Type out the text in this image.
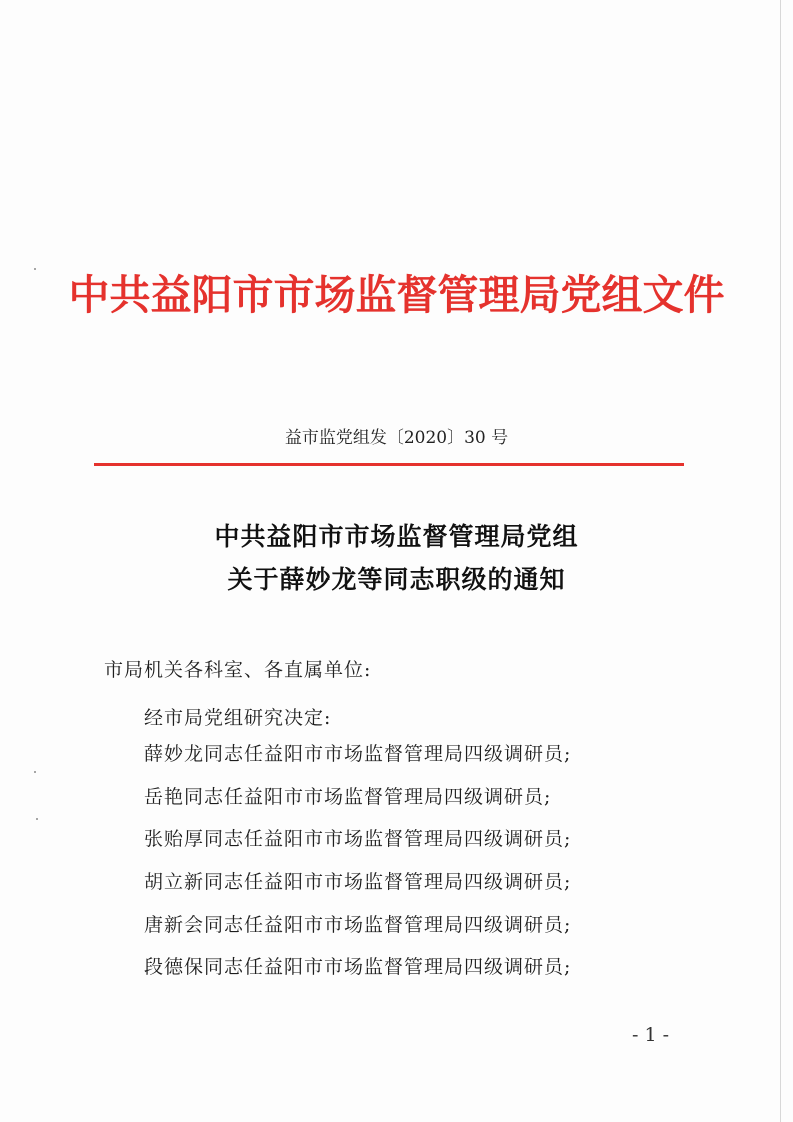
中共益阳市市场监督管理局党组文件
益市监党组发〔2020〕30 号
中共益阳市市场监督管理局党组
关于薛妙龙等同志职级的通知
市局机关各科室、各直属单位:
经市局党组研究决定:
薛妙龙同志任益阳市市场监督管理局四级调研员;
岳艳同志任益阳市市场监督管理局四级调研员;
张贻厚同志任益阳市市场监督管理局四级调研员;
胡立新同志任益阳市市场监督管理局四级调研员;
唐新会同志任益阳市市场监督管理局四级调研员;
段德保同志任益阳市市场监督管理局四级调研员;
- 1 -
